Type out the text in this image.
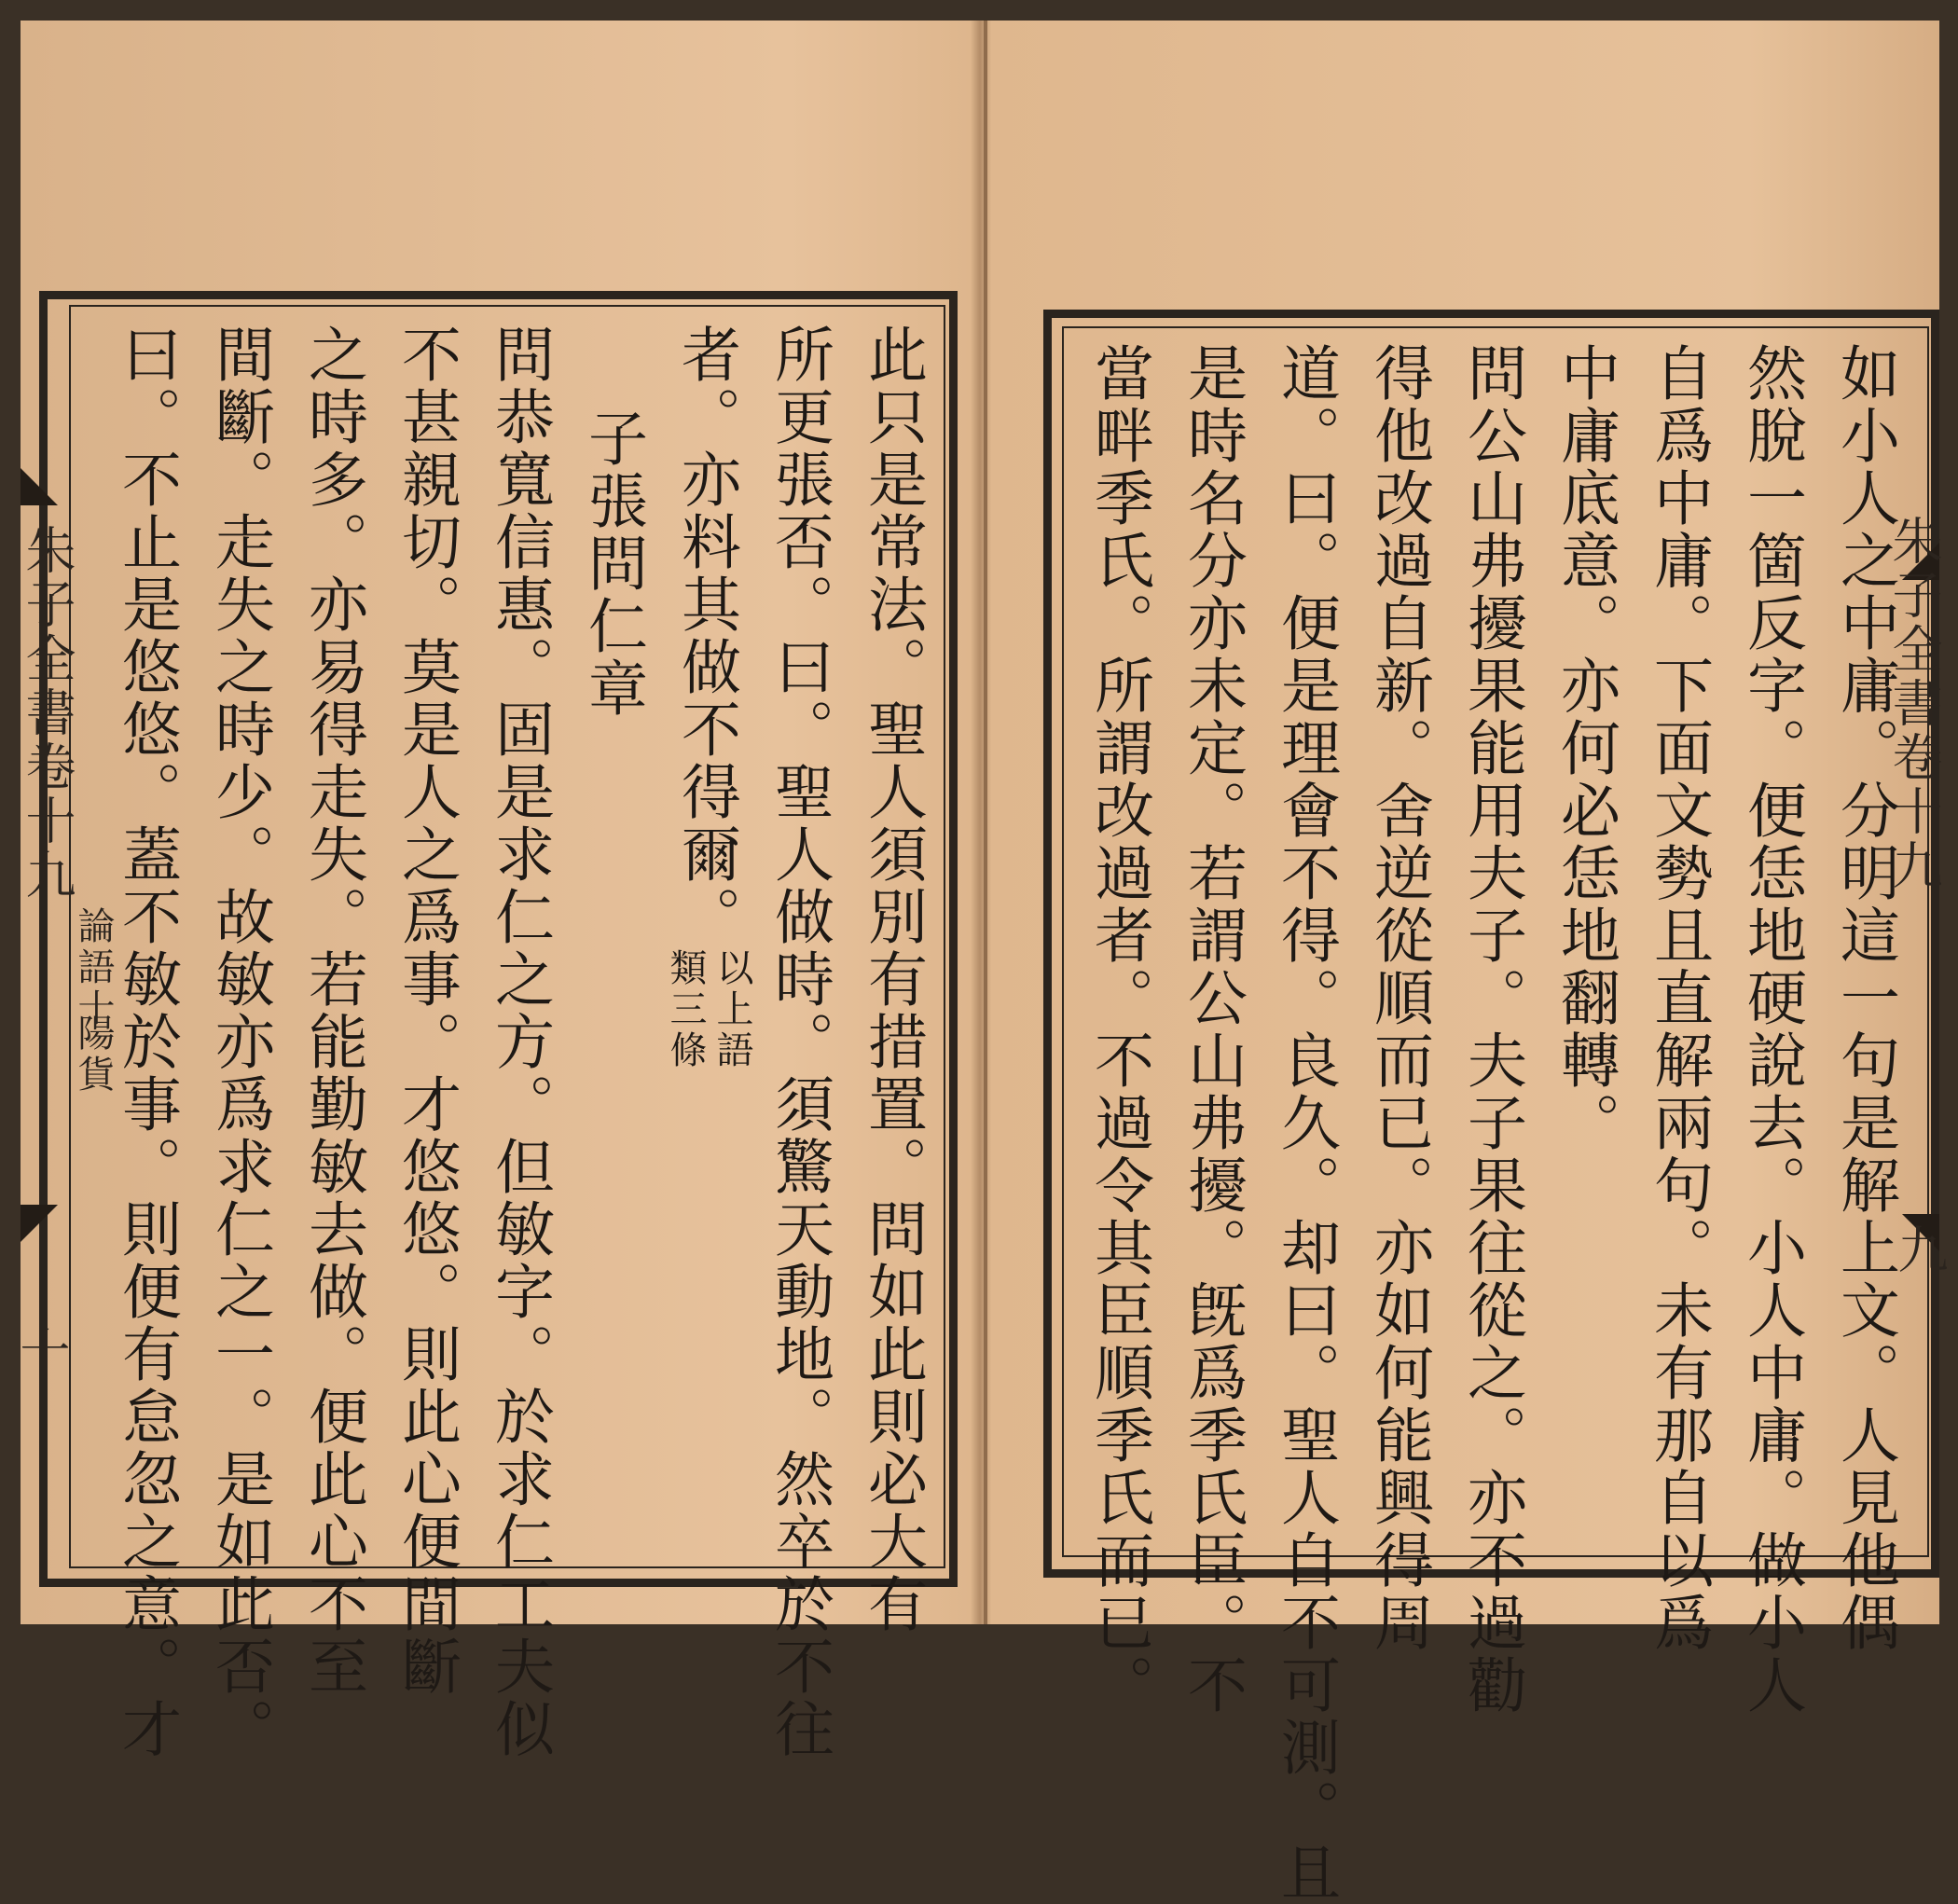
朱子全書卷十九
論語十
陽貨
十	此只是常法。聖人須別有措置。問如此則必大有
所更張否。曰。聖人做時。須驚天動地。然卒於不往
者。亦料其做不得爾。
以上語
類三條
子張問仁章
問恭寬信惠。固是求仁之方。但敏字。於求仁工夫似
不甚親切。莫是人之爲事。才悠悠。則此心便間斷
之時多。亦易得走失。若能勤敏去做。便此心不至
間斷。走失之時少。故敏亦爲求仁之一。是如此否。
曰。不止是悠悠。蓋不敏於事。則便有怠忽之意。才	朱子全書卷十九
九
如小人之中庸。分明這一句是解上文。人見他偶
然脫一箇反字。便恁地硬說去。小人中庸。做小人
自爲中庸。下面文勢且直解兩句。未有那自以爲
中庸底意。亦何必恁地翻轉。
問公山弗擾果能用夫子。夫子果往從之。亦不過勸
得他改過自新。舍逆從順而已。亦如何能興得周
道。曰。便是理會不得。良久。却曰。聖人自不可測。且
是時名分亦未定。若謂公山弗擾。旣爲季氏臣。不
當畔季氏。所謂改過者。不過令其臣順季氏而已。
